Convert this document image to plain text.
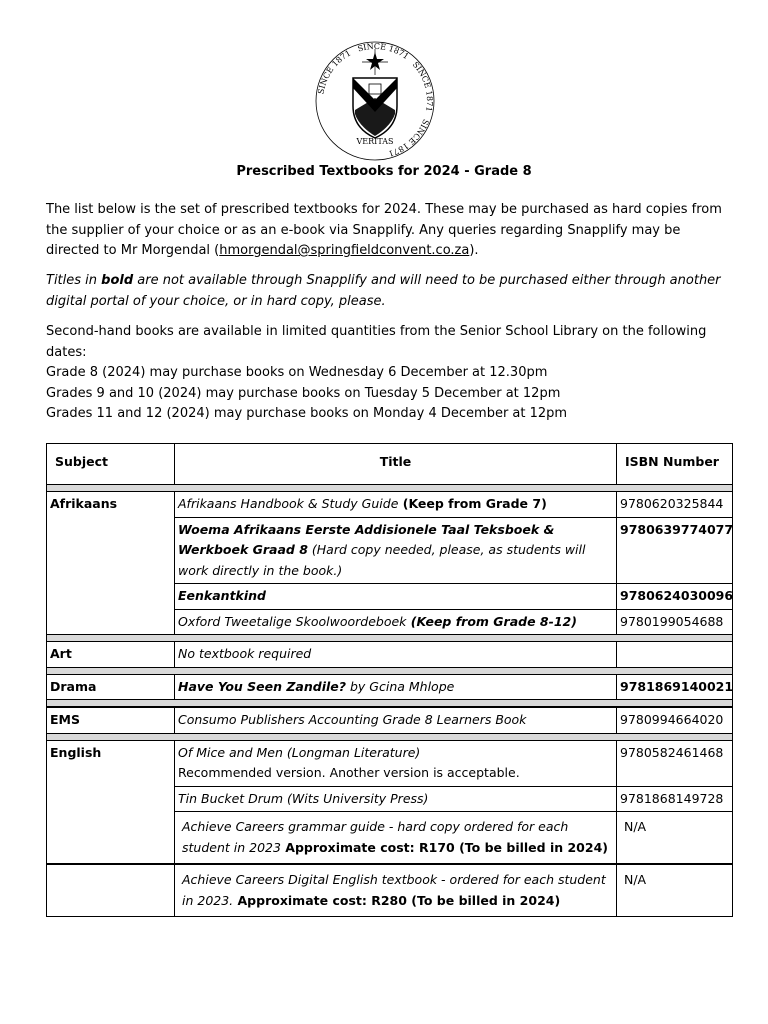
SINCE 1871   SINCE 1871   SINCE 1871   SINCE 1871
VERITAS
Prescribed Textbooks for 2024 - Grade 8
The list below is the set of prescribed textbooks for 2024. These may be purchased as hard copies from the supplier of your choice or as an e-book via Snapplify. Any queries regarding Snapplify may be directed to Mr Morgendal (hmorgendal@springfieldconvent.co.za).
Titles in bold are not available through Snapplify and will need to be purchased either through another digital portal of your choice, or in hard copy, please.
Second-hand books are available in limited quantities from the Senior School Library on the following dates:
Grade 8 (2024) may purchase books on Wednesday 6 December at 12.30pm
Grades 9 and 10 (2024) may purchase books on Tuesday 5 December at 12pm
Grades 11 and 12 (2024) may purchase books on Monday 4 December at 12pm
Subject	Title	ISBN Number

Afrikaans	Afrikaans Handbook & Study Guide (Keep from Grade 7)	9780620325844
	Woema Afrikaans Eerste Addisionele Taal Teksboek & Werkboek Graad 8 (Hard copy needed, please, as students will work directly in the book.)	9780639774077
	Eenkantkind	9780624030096
	Oxford Tweetalige Skoolwoordeboek (Keep from Grade 8-12)	9780199054688

Art	No textbook required	

Drama	Have You Seen Zandile? by Gcina Mhlope	9781869140021

EMS	Consumo Publishers Accounting Grade 8 Learners Book	9780994664020

English	Of Mice and Men (Longman Literature)
Recommended version. Another version is acceptable.	9780582461468
	Tin Bucket Drum (Wits University Press)	9781868149728
	Achieve Careers grammar guide - hard copy ordered for each student in 2023 Approximate cost: R170 (To be billed in 2024)	N/A
	Achieve Careers Digital English textbook - ordered for each student in 2023. Approximate cost: R280 (To be billed in 2024)	N/A
